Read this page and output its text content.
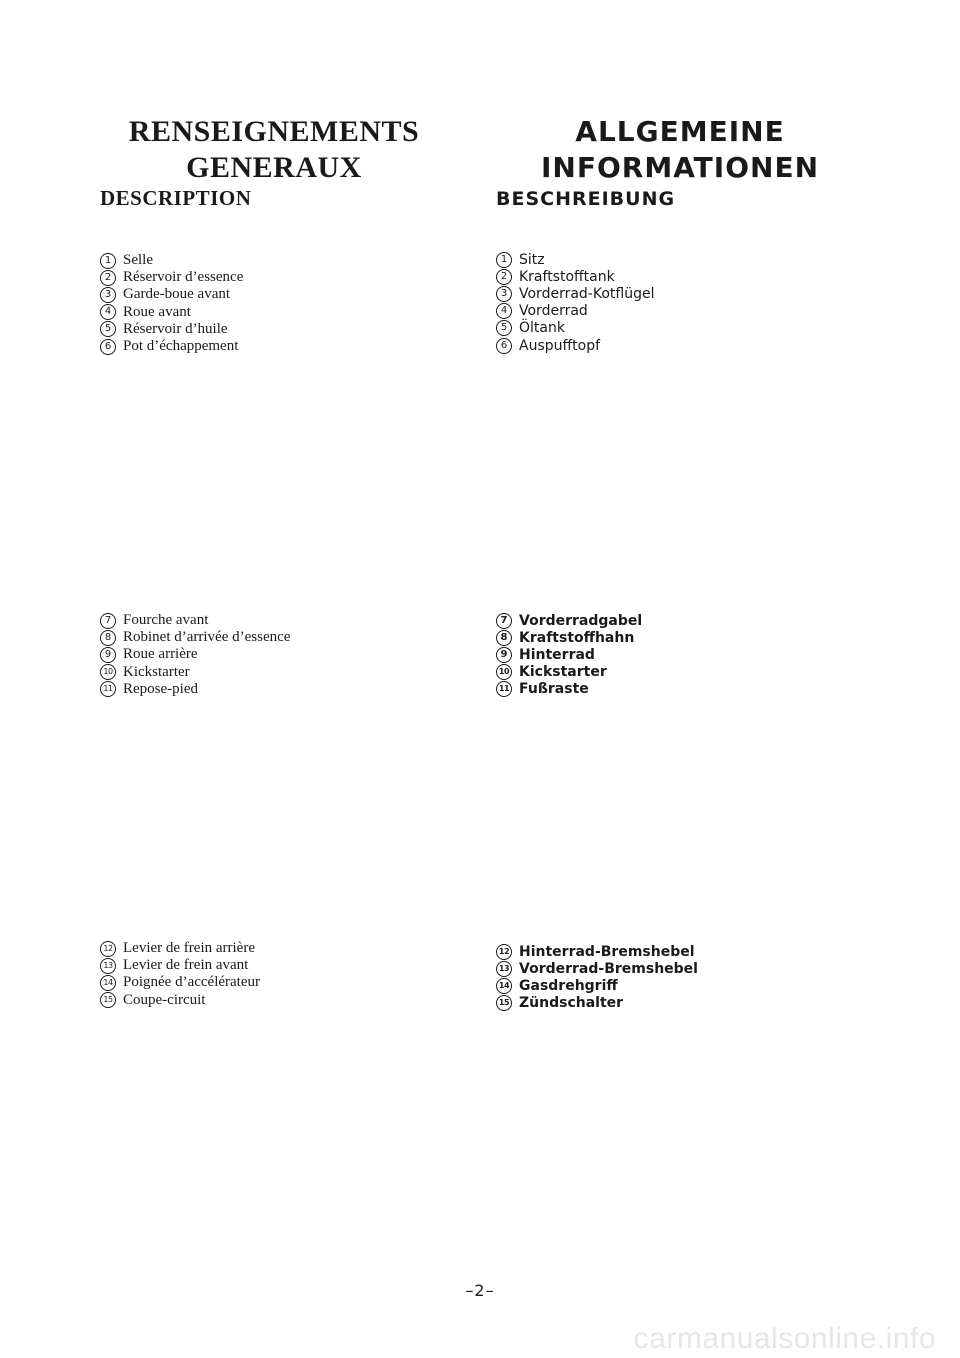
RENSEIGNEMENTS
GENERAUX
ALLGEMEINE
INFORMATIONEN
DESCRIPTION	BESCHREIBUNG
1 Selle
2 Réservoir d’essence
3 Garde-boue avant
4 Roue avant
5 Réservoir d’huile
6 Pot d’échappement
7 Fourche avant
8 Robinet d’arrivée d’essence
9 Roue arrière
10 Kickstarter
11 Repose-pied
12 Levier de frein arrière
13 Levier de frein avant
14 Poignée d’accélérateur
15 Coupe-circuit
1 Sitz
2 Kraftstofftank
3 Vorderrad-Kotflügel
4 Vorderrad
5 Öltank
6 Auspufftopf
7 Vorderradgabel
8 Kraftstoffhahn
9 Hinterrad
10 Kickstarter
11 Fußraste
12 Hinterrad-Bremshebel
13 Vorderrad-Bremshebel
14 Gasdrehgriff
15 Zündschalter
–2–
carmanualsonline.info
